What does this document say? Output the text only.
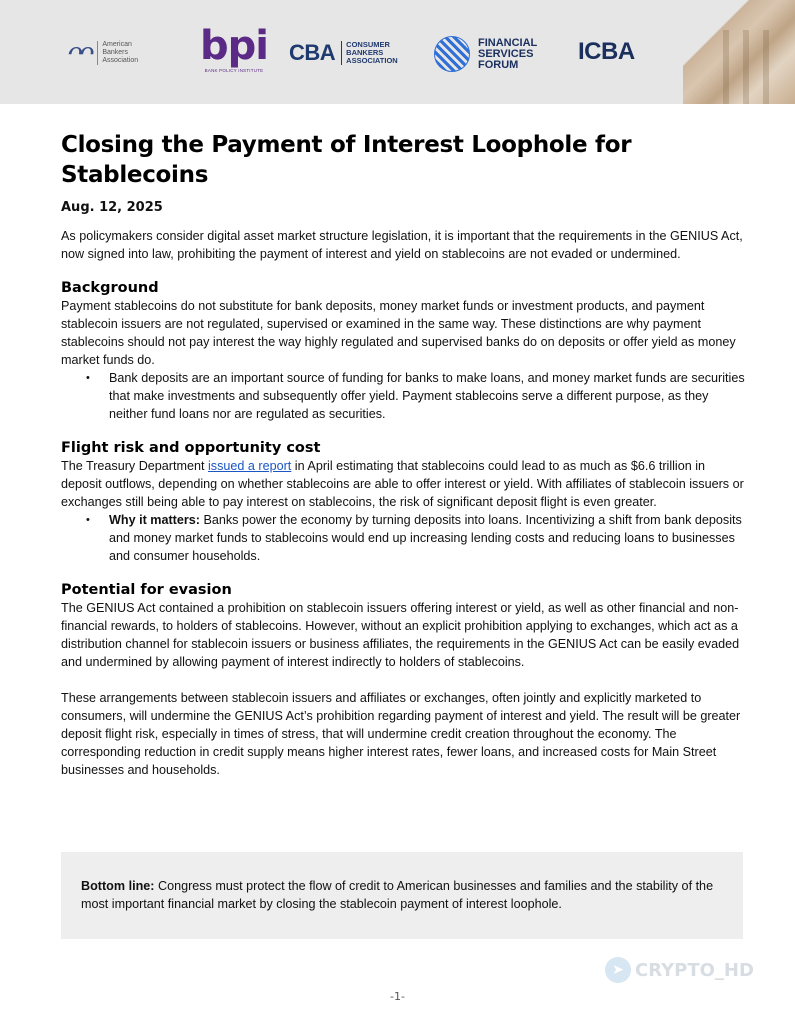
ᴖᴖ	American
Bankers
Association bpi
BANK POLICY INSTITUTE
CBA	CONSUMER
BANKERS
ASSOCIATION
FINANCIAL
SERVICES
FORUM	ICBA
Closing the Payment of Interest Loophole for Stablecoins
Aug. 12, 2025

As policymakers consider digital asset market structure legislation, it is important that the requirements in the GENIUS Act, now signed into law, prohibiting the payment of interest and yield on stablecoins are not evaded or undermined.

Background

Payment stablecoins do not substitute for bank deposits, money market funds or investment products, and payment stablecoin issuers are not regulated, supervised or examined in the same way. These distinctions are why payment stablecoins should not pay interest the way highly regulated and supervised banks do on deposits or offer yield as money market funds do.

• Bank deposits are an important source of funding for banks to make loans, and money market funds are securities that make investments and subsequently offer yield. Payment stablecoins serve a different purpose, as they neither fund loans nor are regulated as securities.
Flight risk and opportunity cost

The Treasury Department issued a report in April estimating that stablecoins could lead to as much as $6.6 trillion in deposit outflows, depending on whether stablecoins are able to offer interest or yield. With affiliates of stablecoin issuers or exchanges still being able to pay interest on stablecoins, the risk of significant deposit flight is even greater.

• Why it matters: Banks power the economy by turning deposits into loans. Incentivizing a shift from bank deposits and money market funds to stablecoins would end up increasing lending costs and reducing loans to businesses and consumer households.
Potential for evasion

The GENIUS Act contained a prohibition on stablecoin issuers offering interest or yield, as well as other financial and non-financial rewards, to holders of stablecoins. However, without an explicit prohibition applying to exchanges, which act as a distribution channel for stablecoin issuers or business affiliates, the requirements in the GENIUS Act can be easily evaded and undermined by allowing payment of interest indirectly to holders of stablecoins.

These arrangements between stablecoin issuers and affiliates or exchanges, often jointly and explicitly marketed to consumers, will undermine the GENIUS Act’s prohibition regarding payment of interest and yield. The result will be greater deposit flight risk, especially in times of stress, that will undermine credit creation throughout the economy. The corresponding reduction in credit supply means higher interest rates, fewer loans, and increased costs for Main Street businesses and households.

Bottom line: Congress must protect the flow of credit to American businesses and families and the stability of the most important financial market by closing the stablecoin payment of interest loophole.

➤ CRYPTO_HD
-1-
